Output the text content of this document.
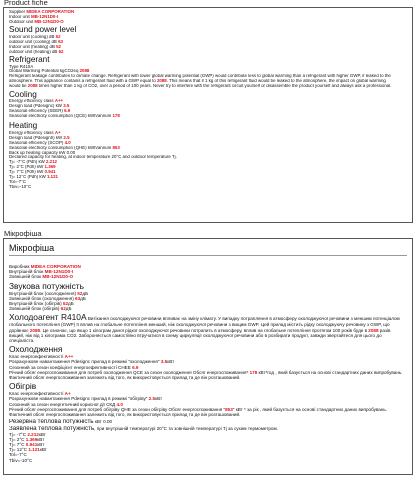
Product fiche
Supplier MIDEA CORPORATION
Indoor unit MB-12N1D0-I
Outdoor unit MB-12N1D0-O
Sound power level
Indoor unit (cooling) dB 52
outdoor unit (cooling) dB 63
Indoor unit (heating) dB 52
outdoor unit (heating) dB 62
Refrigerant
Type R410A
Global Warming Potential kgCO2eq 2088
Refrigerant leakage contributes to climate change. Refrigerant with lower global warming potential (GWP) would contribute less to global warming than a refrigerant with higher GWP, if leaked to the
atmosphere. This appliance contains a refrigerant fluid with a GWP equal to 2088. This means that if 1 kg of this refrigerant fluid would be leaked to the atmosphere, the impact on global warming
would be 2088 times higher than 1 kg of CO2, over a period of 100 years. Never try to interfere with the refrigerant circuit yourself or disassemble the product yourself and always ask a professional.
Cooling
Energy efficiency class A++
Design load (Pdesignc) kW 3.5
Seasonal efficiency (SEER) 6.9
Seasonal electricity consumption (QCE) kWh/annum 178
Heating
Energy efficiency class A+
Design load (Pdesignh) kW 2.5
Seasonal efficiency (SCOP) 4.0
Seasonal electricity consumption (QHE) kWh/annum 853
Back up heating capacity kW 0.00
Declared capacity for heating, at indoor temperature 20°C and outdoor temperature Tj.
Tj= -7°C (Pdh) kW 2.212
Tj= 2°C (Pdh) kW 1.369
Tj= 7°C (Pdh) kW 0.941
Tj= 12°C (Pdh) kW 1.121
Tol=-7°C
Tbiv=-10°C
Мікрофіша
Мікрофіша
Виробник MIDEA CORPORATION
Внутрішній блок MB-12N1D0-I
Зовнішній блок MB-12N1D0-O
Звукова потужність
Внутрішній блок (охолодження) 52дБ
Зовнішній блок (охолодження) 63дБ
Внутрішній блок (обігрів) 52дБ
Зовнішній блок (обігрів) 62дБ
Холодоагент R410A Витікання охолоджуючої речовини впливає на зміну клімату. У випадку потрапляння в атмосферу охолоджуючої речовини з меншим потенціалом
глобального потепління (GWP) її вплив на глобальне потепління менший, ніж охолоджуючої речовини з вищим GWP. Цей прилад містить рідку охолоджуючу речовину з GWP, що
дорівнює 2088. Це означає, що якщо 1 кілограм даної рідкої охолоджуючої речовини потрапить в атмосферу, вплив на глобальне потепління протягом 100 років буде в 2088 разів
вищий, ніж від 1 кілограма CO2. Забороняється самостійно втручатися в схему циркуляції охолоджуючої речовини або в розбирати продукт, завжди звертайтеся для цього до
спеціаліста.
Охолодження
Клас енергоефективності A++
Розрахункове навантаження Pdesignc прилад в режимі "охолодження" 3.5кВт
Сезонний за сезон коефіцієнт енергоефективності СНЕЕ 6.9
Річний обсяг енергоспоживання для потреб охолодження QCE за сезон охолодження Обсяг енергоспоживання* 178 кВт*год , який базується на основі стандартних даних випробувань. Фактичний обсяг енергоспоживання залежить від того, як використовується прилад та де він розташований.
Обігрів
Клас енергоефективності A+
Розрахункове навантаження Pdesignc прилад в режимі "обігріву" 2.5кВт
Сезонний за сезон енергетичний корисної дії СКД 4.0
Річний обсяг енергоспоживання для потреб обігріву QHE за сезон обігріву Обсяг енергоспоживання "853" кВт * за рік , який базується на основі стандартних даних випробувань. Фактичний обсяг енергоспоживання залежить від того, як використовується прилад та де він розташований.
Резервна теплова потужність кВт 0.00
Заявлена теплова потужність, при внутрішній температурі 20°C та зовнішній температурі Tj за сухим термометром.
Tj= -7°C 2.212кВт
Tj= 2°C 1.369кВт
Tj= 7°C 0.941кВт
Tj= 12°C 1.121кВт
Tol=-7°C
Tbiv=-10°C
